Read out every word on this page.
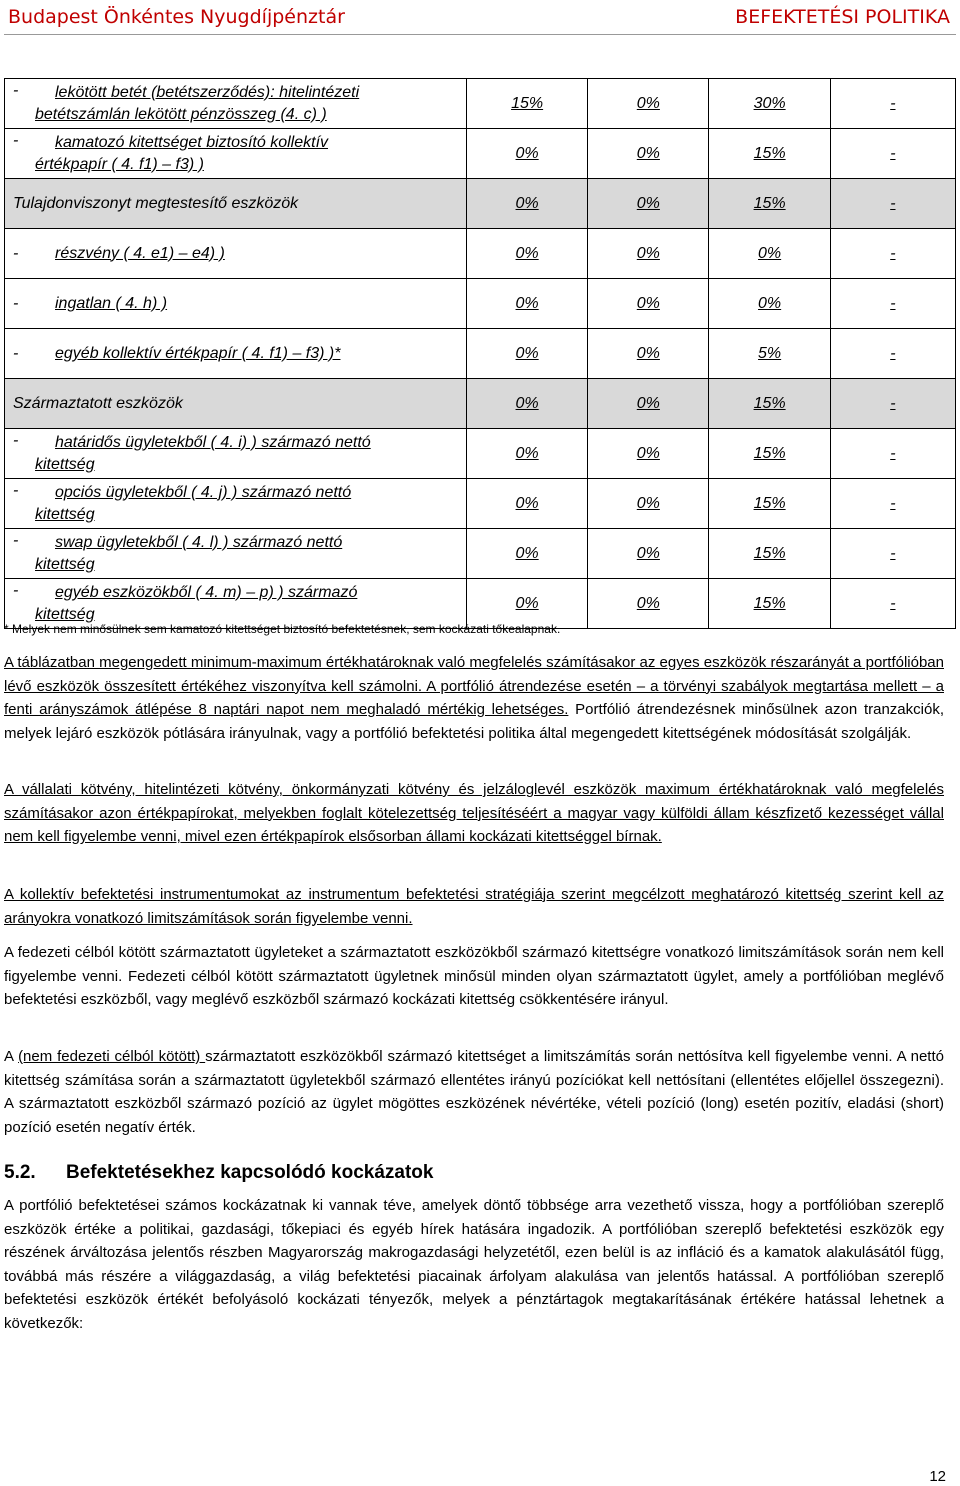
Budapest Önkéntes Nyugdíjpénztár	BEFEKTETÉSI POLITIKA
- lekötött betét (betétszerződés): hitelintézeti
betétszámlán lekötött pénzösszeg (4. c) )	15%	0%	30%	-

- kamatozó kitettséget biztosító kollektív
értékpapír ( 4. f1) – f3) )	0%	0%	15%	-
Tulajdonviszonyt megtestesítő eszközök	0%	0%	15%	-

- részvény ( 4. e1) – e4) )	0%	0%	0%	-

- ingatlan ( 4. h) )	0%	0%	0%	-

- egyéb kollektív értékpapír ( 4. f1) – f3) )*	0%	0%	5%	-
Származtatott eszközök	0%	0%	15%	-

- határidős ügyletekből ( 4. i) ) származó nettó
kitettség	0%	0%	15%	-

- opciós ügyletekből ( 4. j) ) származó nettó
kitettség	0%	0%	15%	-

- swap ügyletekből ( 4. l) ) származó nettó
kitettség	0%	0%	15%	-

- egyéb eszközökből ( 4. m) – p) ) származó
kitettség	0%	0%	15%	-
* Melyek nem minősülnek sem kamatozó kitettséget biztosító befektetésnek, sem kockázati tőkealapnak.
A táblázatban megengedett minimum-maximum értékhatároknak való megfelelés számításakor az egyes eszközök részarányát a portfólióban lévő eszközök összesített értékéhez viszonyítva kell számolni. A portfólió átrendezése esetén – a törvényi szabályok megtartása mellett – a fenti arányszámok átlépése 8 naptári napot nem meghaladó mértékig lehetséges. Portfólió átrendezésnek minősülnek azon tranzakciók, melyek lejáró eszközök pótlására irányulnak, vagy a portfólió befektetési politika által megengedett kitettségének módosítását szolgálják.
A vállalati kötvény, hitelintézeti kötvény, önkormányzati kötvény és jelzáloglevél eszközök maximum értékhatároknak való megfelelés számításakor azon értékpapírokat, melyekben foglalt kötelezettség teljesítéséért a magyar vagy külföldi állam készfizető kezességet vállal nem kell figyelembe venni, mivel ezen értékpapírok elsősorban állami kockázati kitettséggel bírnak.
A kollektív befektetési instrumentumokat az instrumentum befektetési stratégiája szerint megcélzott meghatározó kitettség szerint kell az arányokra vonatkozó limitszámítások során figyelembe venni.
A fedezeti célból kötött származtatott ügyleteket a származtatott eszközökből származó kitettségre vonatkozó limitszámítások során nem kell figyelembe venni. Fedezeti célból kötött származtatott ügyletnek minősül minden olyan származtatott ügylet, amely a portfólióban meglévő befektetési eszközből, vagy meglévő eszközből származó kockázati kitettség csökkentésére irányul.
A (nem fedezeti célból kötött) származtatott eszközökből származó kitettséget a limitszámítás során nettósítva kell figyelembe venni. A nettó kitettség számítása során a származtatott ügyletekből származó ellentétes irányú pozíciókat kell nettósítani (ellentétes előjellel összegezni). A származtatott eszközből származó pozíció az ügylet mögöttes eszközének névértéke, vételi pozíció (long) esetén pozitív, eladási (short) pozíció esetén negatív érték.
5.2. Befektetésekhez kapcsolódó kockázatok
A portfólió befektetései számos kockázatnak ki vannak téve, amelyek döntő többsége arra vezethető vissza, hogy a portfólióban szereplő eszközök értéke a politikai, gazdasági, tőkepiaci és egyéb hírek hatására ingadozik. A portfólióban szereplő befektetési eszközök egy részének árváltozása jelentős részben Magyarország makrogazdasági helyzetétől, ezen belül is az infláció és a kamatok alakulásától függ, továbbá más részére a világgazdaság, a világ befektetési piacainak árfolyam alakulása van jelentős hatással. A portfólióban szereplő befektetési eszközök értékét befolyásoló kockázati tényezők, melyek a pénztártagok megtakarításának értékére hatással lehetnek a következők:
12
